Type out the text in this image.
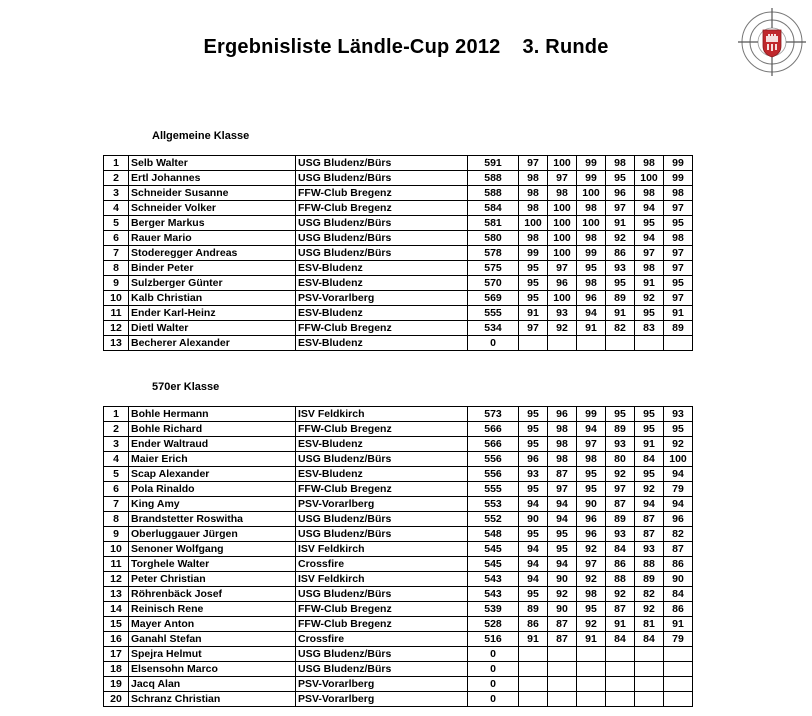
Ergebnisliste Ländle-Cup 2012 3. Runde
Allgemeine Klasse
1	Selb Walter	USG Bludenz/Bürs	591	97	100	99	98	98	99
2	Ertl Johannes	USG Bludenz/Bürs	588	98	97	99	95	100	99
3	Schneider Susanne	FFW-Club Bregenz	588	98	98	100	96	98	98
4	Schneider Volker	FFW-Club Bregenz	584	98	100	98	97	94	97
5	Berger Markus	USG Bludenz/Bürs	581	100	100	100	91	95	95
6	Rauer Mario	USG Bludenz/Bürs	580	98	100	98	92	94	98
7	Stoderegger Andreas	USG Bludenz/Bürs	578	99	100	99	86	97	97
8	Binder Peter	ESV-Bludenz	575	95	97	95	93	98	97
9	Sulzberger Günter	ESV-Bludenz	570	95	96	98	95	91	95
10	Kalb Christian	PSV-Vorarlberg	569	95	100	96	89	92	97
11	Ender Karl-Heinz	ESV-Bludenz	555	91	93	94	91	95	91
12	Dietl Walter	FFW-Club Bregenz	534	97	92	91	82	83	89
13	Becherer Alexander	ESV-Bludenz	0						
570er Klasse
1	Bohle Hermann	ISV Feldkirch	573	95	96	99	95	95	93
2	Bohle Richard	FFW-Club Bregenz	566	95	98	94	89	95	95
3	Ender Waltraud	ESV-Bludenz	566	95	98	97	93	91	92
4	Maier Erich	USG Bludenz/Bürs	556	96	98	98	80	84	100
5	Scap Alexander	ESV-Bludenz	556	93	87	95	92	95	94
6	Pola Rinaldo	FFW-Club Bregenz	555	95	97	95	97	92	79
7	King Amy	PSV-Vorarlberg	553	94	94	90	87	94	94
8	Brandstetter Roswitha	USG Bludenz/Bürs	552	90	94	96	89	87	96
9	Oberluggauer Jürgen	USG Bludenz/Bürs	548	95	95	96	93	87	82
10	Senoner Wolfgang	ISV Feldkirch	545	94	95	92	84	93	87
11	Torghele Walter	Crossfire	545	94	94	97	86	88	86
12	Peter Christian	ISV Feldkirch	543	94	90	92	88	89	90
13	Röhrenbäck Josef	USG Bludenz/Bürs	543	95	92	98	92	82	84
14	Reinisch Rene	FFW-Club Bregenz	539	89	90	95	87	92	86
15	Mayer Anton	FFW-Club Bregenz	528	86	87	92	91	81	91
16	Ganahl Stefan	Crossfire	516	91	87	91	84	84	79
17	Spejra Helmut	USG Bludenz/Bürs	0						
18	Elsensohn Marco	USG Bludenz/Bürs	0						
19	Jacq Alan	PSV-Vorarlberg	0						
20	Schranz Christian	PSV-Vorarlberg	0						
